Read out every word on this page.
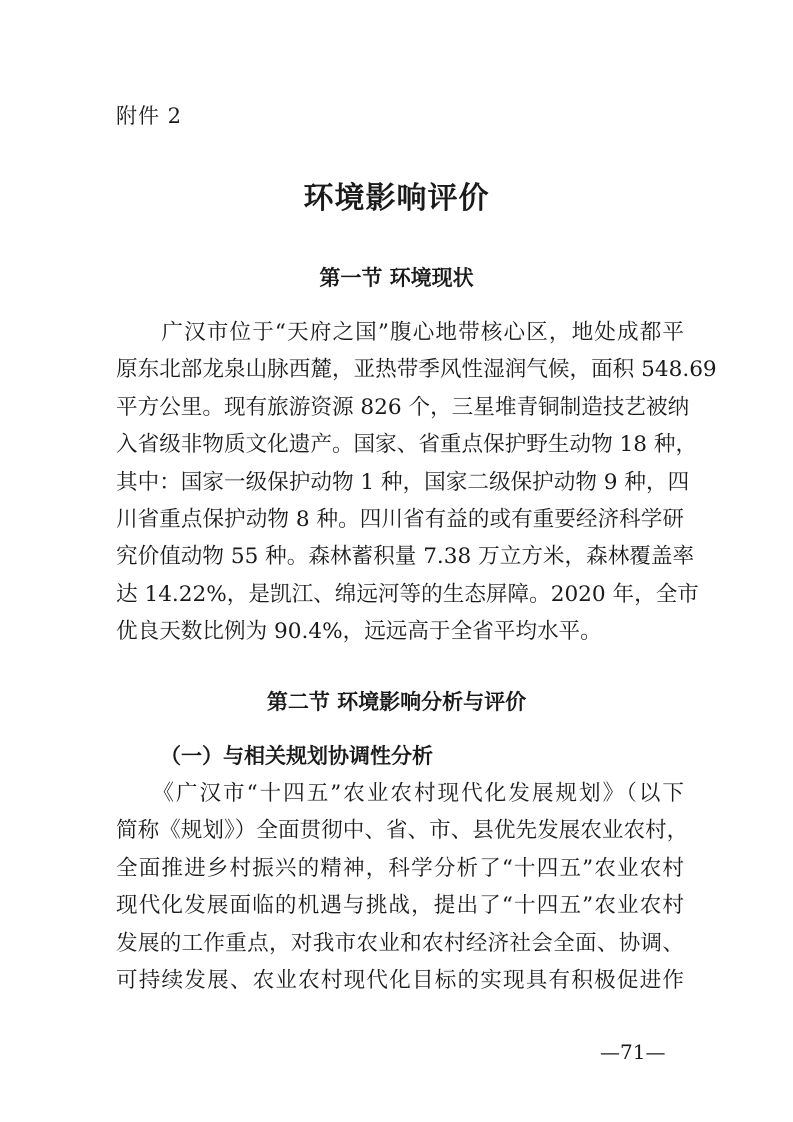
附件 2
环境影响评价
第一节 环境现状
　　广汉市位于“天府之国”腹心地带核心区，地处成都平
原东北部龙泉山脉西麓，亚热带季风性湿润气候，面积 548.69
平方公里。现有旅游资源 826 个，三星堆青铜制造技艺被纳
入省级非物质文化遗产。国家、省重点保护野生动物 18 种，
其中：国家一级保护动物 1 种，国家二级保护动物 9 种，四
川省重点保护动物 8 种。四川省有益的或有重要经济科学研
究价值动物 55 种。森林蓄积量 7.38 万立方米，森林覆盖率
达 14.22%，是凯江、绵远河等的生态屏障。2020 年，全市
优良天数比例为 90.4%，远远高于全省平均水平。
第二节 环境影响分析与评价
（一）与相关规划协调性分析
　　《广汉市“十四五”农业农村现代化发展规划》（以下
简称《规划》）全面贯彻中、省、市、县优先发展农业农村，
全面推进乡村振兴的精神，科学分析了“十四五”农业农村
现代化发展面临的机遇与挑战，提出了“十四五”农业农村
发展的工作重点，对我市农业和农村经济社会全面、协调、
可持续发展、农业农村现代化目标的实现具有积极促进作
—71—
